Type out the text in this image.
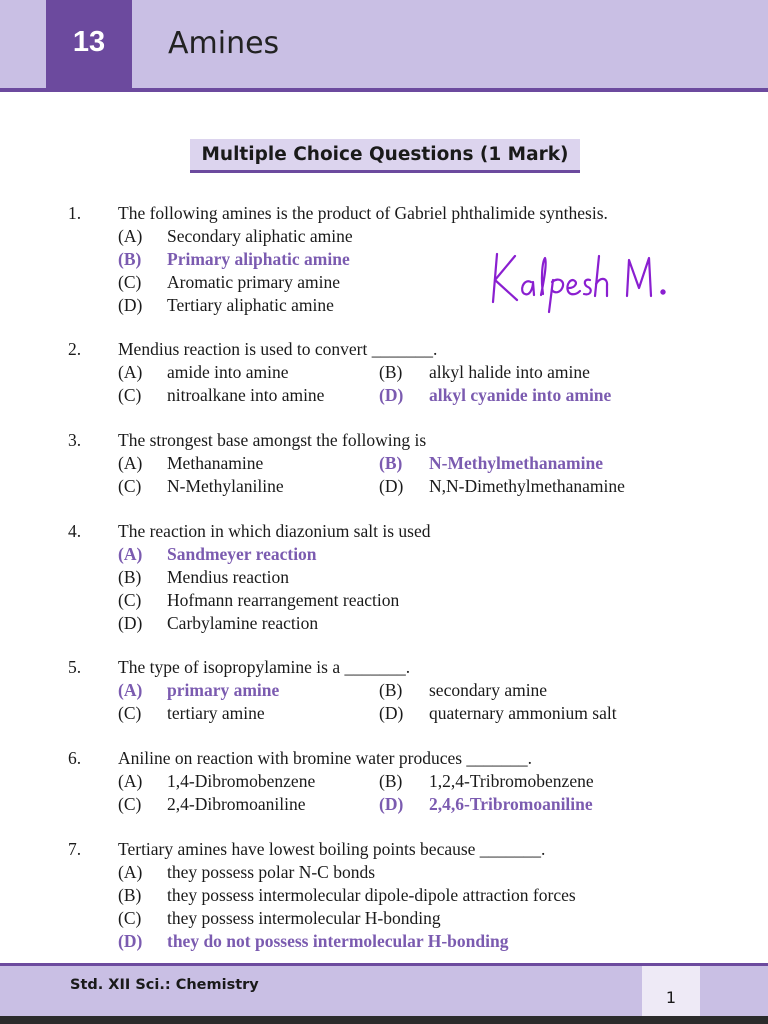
13	Amines
Multiple Choice Questions (1 Mark)
1. The following amines is the product of Gabriel phthalimide synthesis.
(A) Secondary aliphatic amine
(B) Primary aliphatic amine
(C) Aromatic primary amine
(D) Tertiary aliphatic amine
2. Mendius reaction is used to convert _______.
(A) amide into amine	(B) alkyl halide into amine
(C) nitroalkane into amine	(D) alkyl cyanide into amine
3. The strongest base amongst the following is
(A) Methanamine	(B) N-Methylmethanamine
(C) N-Methylaniline	(D) N,N-Dimethylmethanamine
4. The reaction in which diazonium salt is used
(A) Sandmeyer reaction
(B) Mendius reaction
(C) Hofmann rearrangement reaction
(D) Carbylamine reaction
5. The type of isopropylamine is a _______.
(A) primary amine	(B) secondary amine
(C) tertiary amine	(D) quaternary ammonium salt
6. Aniline on reaction with bromine water produces _______.
(A) 1,4-Dibromobenzene	(B) 1,2,4-Tribromobenzene
(C) 2,4-Dibromoaniline	(D) 2,4,6-Tribromoaniline
7. Tertiary amines have lowest boiling points because _______.
(A) they possess polar N-C bonds
(B) they possess intermolecular dipole-dipole attraction forces
(C) they possess intermolecular H-bonding
(D) they do not possess intermolecular H-bonding
Std. XII Sci.: Chemistry
1
